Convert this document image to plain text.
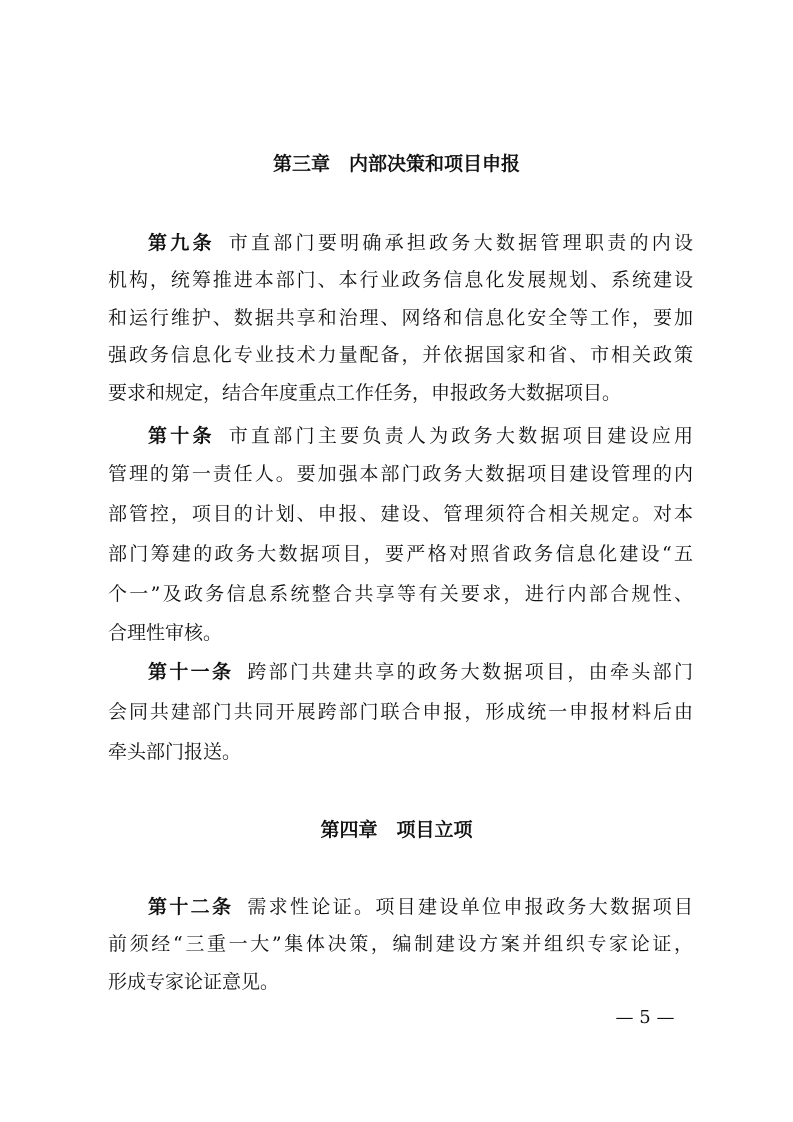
第三章　内部决策和项目申报
第九条 市直部门要明确承担政务大数据管理职责的内设
机构，统筹推进本部门、本行业政务信息化发展规划、系统建设
和运行维护、数据共享和治理、网络和信息化安全等工作，要加
强政务信息化专业技术力量配备，并依据国家和省、市相关政策
要求和规定，结合年度重点工作任务，申报政务大数据项目。
第十条 市直部门主要负责人为政务大数据项目建设应用
管理的第一责任人。要加强本部门政务大数据项目建设管理的内
部管控，项目的计划、申报、建设、管理须符合相关规定。对本
部门筹建的政务大数据项目，要严格对照省政务信息化建设“五
个一”及政务信息系统整合共享等有关要求，进行内部合规性、
合理性审核。
第十一条 跨部门共建共享的政务大数据项目，由牵头部门
会同共建部门共同开展跨部门联合申报，形成统一申报材料后由
牵头部门报送。
第四章　项目立项
第十二条 需求性论证。项目建设单位申报政务大数据项目
前须经“三重一大”集体决策，编制建设方案并组织专家论证，
形成专家论证意见。
— 5 —
